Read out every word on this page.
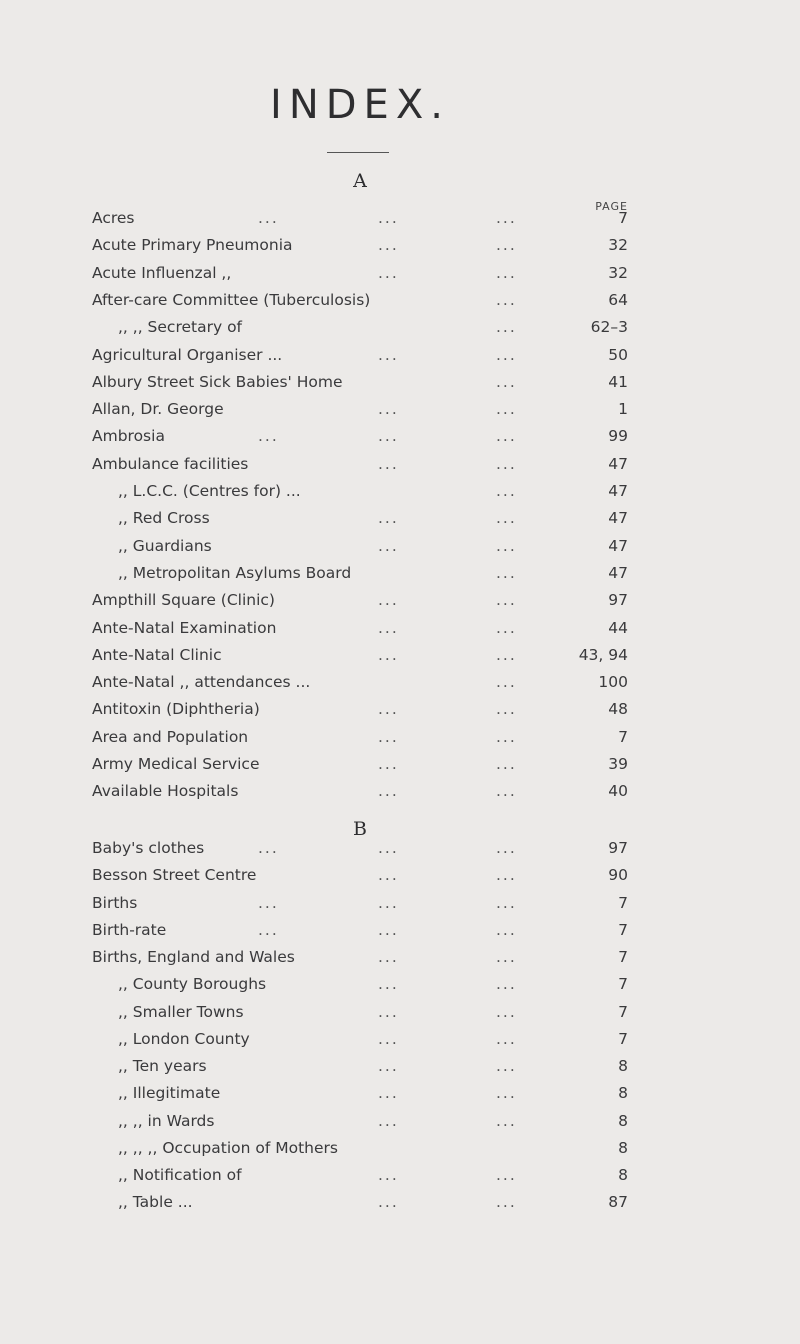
INDEX.
PAGE
A
Acres	...	...	...	7
Acute Primary Pneumonia	...	...	32
Acute Influenzal ,,	...	...	32
After-care Committee (Tuberculosis)	...	64
,, ,, Secretary of	...	62–3
Agricultural Organiser ...	...	...	50
Albury Street Sick Babies' Home	...	41
Allan, Dr. George	...	...	1
Ambrosia	...	...	...	99
Ambulance facilities	...	...	47
,, L.C.C. (Centres for) ...	...	47
,, Red Cross	...	...	47
,, Guardians	...	...	47
,, Metropolitan Asylums Board	...	47
Ampthill Square (Clinic)	...	...	97
Ante-Natal Examination	...	...	44
Ante-Natal Clinic	...	...	43, 94
Ante-Natal ,, attendances ...	...	100
Antitoxin (Diphtheria)	...	...	48
Area and Population	...	...	7
Army Medical Service	...	...	39
Available Hospitals	...	...	40
B
Baby's clothes	...	...	...	97
Besson Street Centre	...	...	90
Births	...	...	...	7
Birth-rate	...	...	...	7
Births, England and Wales	...	...	7
,, County Boroughs	...	...	7
,, Smaller Towns	...	...	7
,, London County	...	...	7
,, Ten years	...	...	8
,, Illegitimate	...	...	8
,, ,, in Wards	...	...	8
,, ,, ,, Occupation of Mothers	8
,, Notification of	...	...	8
,, Table ...	...	...	87
